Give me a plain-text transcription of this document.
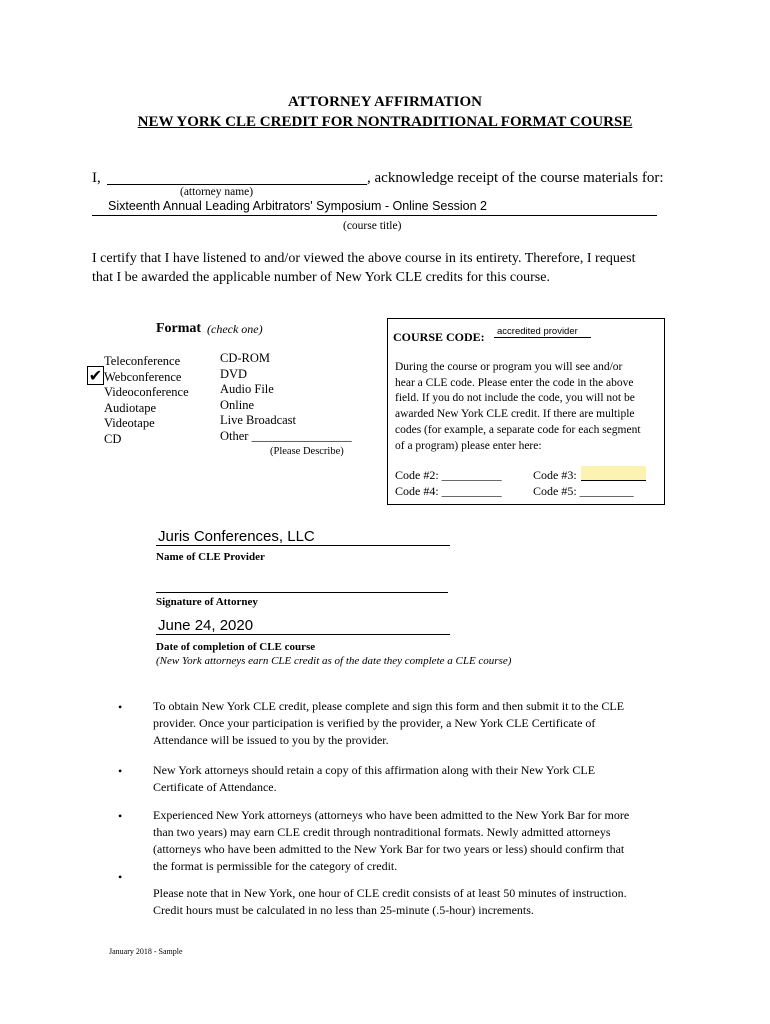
ATTORNEY AFFIRMATION
NEW YORK CLE CREDIT FOR NONTRADITIONAL FORMAT COURSE
I,	, acknowledge receipt of the course materials for:
(attorney name)
Sixteenth Annual Leading Arbitrators' Symposium - Online Session 2
(course title)
I certify that I have listened to and/or viewed the above course in its entirety. Therefore, I request
that I be awarded the applicable number of New York CLE credits for this course.
Format (check one)
Teleconference
Webconference
Videoconference
Audiotape
Videotape
CD
✔
CD-ROM
DVD
Audio File
Online
Live Broadcast
Other ________________
(Please Describe)
COURSE CODE:	accredited provider
During the course or program you will see and/or
hear a CLE code. Please enter the code in the above
field. If you do not include the code, you will not be
awarded New York CLE credit. If there are multiple
codes (for example, a separate code for each segment
of a program) please enter here:
Code #2: __________	Code #3:
Code #4: __________	Code #5: _________
Juris Conferences, LLC
Name of CLE Provider
Signature of Attorney
June 24, 2020
Date of completion of CLE course
(New York attorneys earn CLE credit as of the date they complete a CLE course)
•	To obtain New York CLE credit, please complete and sign this form and then submit it to the CLE
provider. Once your participation is verified by the provider, a New York CLE Certificate of
Attendance will be issued to you by the provider.
•	New York attorneys should retain a copy of this affirmation along with their New York CLE
Certificate of Attendance.
•	Experienced New York attorneys (attorneys who have been admitted to the New York Bar for more
than two years) may earn CLE credit through nontraditional formats. Newly admitted attorneys
(attorneys who have been admitted to the New York Bar for two years or less) should confirm that
the format is permissible for the category of credit.
•
Please note that in New York, one hour of CLE credit consists of at least 50 minutes of instruction.
Credit hours must be calculated in no less than 25-minute (.5-hour) increments.
January 2018 - Sample
